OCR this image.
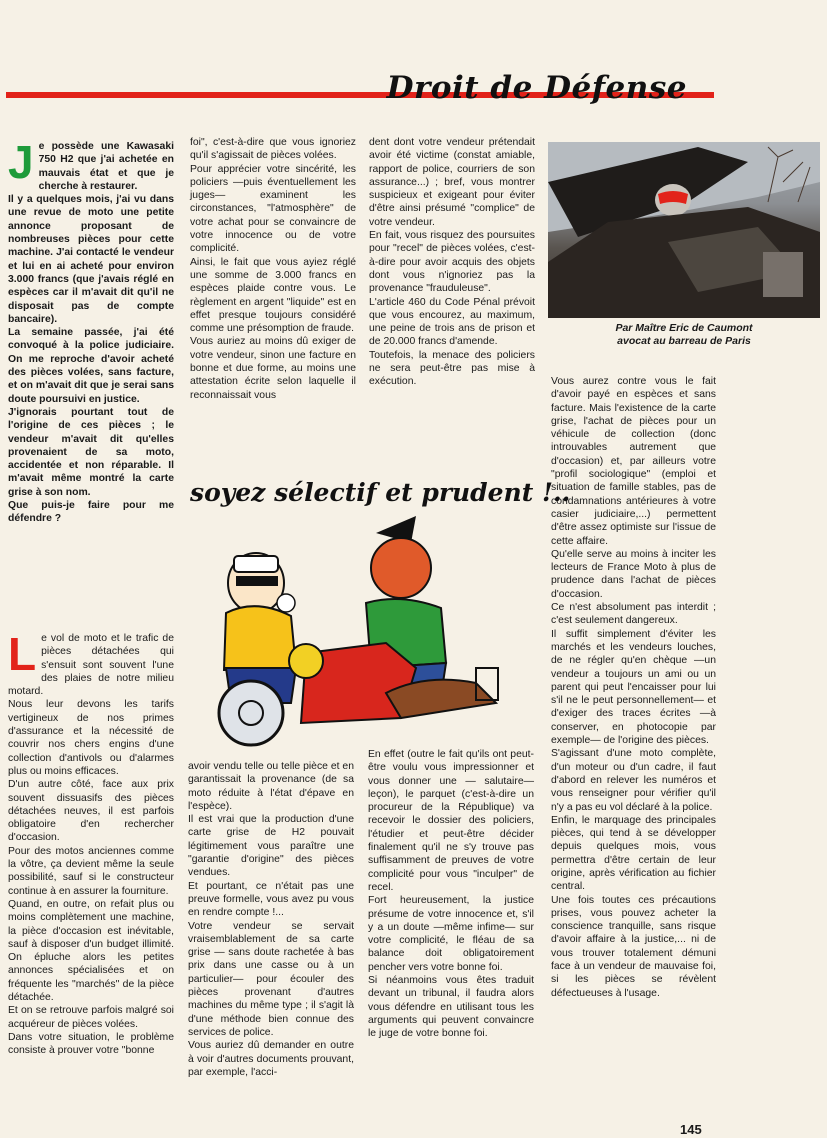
Droit de Défense
J e possède une Kawasaki 750 H2 que j'ai achetée en mauvais état et que je cherche à restaurer.

Il y a quelques mois, j'ai vu dans une revue de moto une petite annonce proposant de nombreuses pièces pour cette machine. J'ai contacté le vendeur et lui en ai acheté pour environ 3.000 francs (que j'avais réglé en espèces car il m'avait dit qu'il ne disposait pas de compte bancaire).

La semaine passée, j'ai été convoqué à la police judiciaire. On me reproche d'avoir acheté des pièces volées, sans facture, et on m'avait dit que je serai sans doute poursuivi en justice.

J'ignorais pourtant tout de l'origine de ces pièces ; le vendeur m'avait dit qu'elles provenaient de sa moto, accidentée et non réparable. Il m'avait même montré la carte grise à son nom.

Que puis-je faire pour me défendre ?

L e vol de moto et le trafic de pièces détachées qui s'ensuit sont souvent l'une des plaies de notre milieu motard.

Nous leur devons les tarifs vertigineux de nos primes d'assurance et la nécessité de couvrir nos chers engins d'une collection d'antivols ou d'alarmes plus ou moins efficaces.

D'un autre côté, face aux prix souvent dissuasifs des pièces détachées neuves, il est parfois obligatoire d'en rechercher d'occasion.

Pour des motos anciennes comme la vôtre, ça devient même la seule possibilité, sauf si le constructeur continue à en assurer la fourniture.

Quand, en outre, on refait plus ou moins complètement une machine, la pièce d'occasion est inévitable, sauf à disposer d'un budget illimité. On épluche alors les petites annonces spécialisées et on fréquente les "marchés" de la pièce détachée.

Et on se retrouve parfois malgré soi acquéreur de pièces volées.

Dans votre situation, le problème consiste à prouver votre "bonne

foi", c'est-à-dire que vous ignoriez qu'il s'agissait de pièces volées.

Pour apprécier votre sincérité, les policiers —puis éventuellement les juges— examinent les circonstances, "l'atmosphère" de votre achat pour se convaincre de votre innocence ou de votre complicité.

Ainsi, le fait que vous ayiez réglé une somme de 3.000 francs en espèces plaide contre vous. Le règlement en argent "liquide" est en effet presque toujours considéré comme une présomption de fraude.

Vous auriez au moins dû exiger de votre vendeur, sinon une facture en bonne et due forme, au moins une attestation écrite selon laquelle il reconnaissait vous

dent dont votre vendeur prétendait avoir été victime (constat amiable, rapport de police, courriers de son assurance...) ; bref, vous montrer suspicieux et exigeant pour éviter d'être ainsi présumé "complice" de votre vendeur.

En fait, vous risquez des poursuites pour "recel" de pièces volées, c'est-à-dire pour avoir acquis des objets dont vous n'ignoriez pas la provenance "frauduleuse".

L'article 460 du Code Pénal prévoit que vous encourez, au maximum, une peine de trois ans de prison et de 20.000 francs d'amende.

Toutefois, la menace des policiers ne sera peut-être pas mise à exécution.

Par Maître Eric de Caumont
avocat au barreau de Paris

Vous aurez contre vous le fait d'avoir payé en espèces et sans facture. Mais l'existence de la carte grise, l'achat de pièces pour un véhicule de collection (donc introuvables autrement que d'occasion) et, par ailleurs votre "profil sociologique" (emploi et situation de famille stables, pas de condamnations antérieures à votre casier judiciaire,...) permettent d'être assez optimiste sur l'issue de cette affaire.

Qu'elle serve au moins à inciter les lecteurs de France Moto à plus de prudence dans l'achat de pièces d'occasion.

Ce n'est absolument pas interdit ; c'est seulement dangereux.

Il suffit simplement d'éviter les marchés et les vendeurs louches, de ne régler qu'en chèque —un vendeur a toujours un ami ou un parent qui peut l'encaisser pour lui s'il ne le peut personnellement— et d'exiger des traces écrites —à conserver, en photocopie par exemple— de l'origine des pièces.

S'agissant d'une moto complète, d'un moteur ou d'un cadre, il faut d'abord en relever les numéros et vous renseigner pour vérifier qu'il n'y a pas eu vol déclaré à la police.

Enfin, le marquage des principales pièces, qui tend à se développer depuis quelques mois, vous permettra d'être certain de leur origine, après vérification au fichier central.

Une fois toutes ces précautions prises, vous pouvez acheter la conscience tranquille, sans risque d'avoir affaire à la justice,... ni de vous trouver totalement démuni face à un vendeur de mauvaise foi, si les pièces se révèlent défectueuses à l'usage.

soyez sélectif et prudent !..

avoir vendu telle ou telle pièce et en garantissait la provenance (de sa moto réduite à l'état d'épave en l'espèce).

Il est vrai que la production d'une carte grise de H2 pouvait légitimement vous paraître une "garantie d'origine" des pièces vendues.

Et pourtant, ce n'était pas une preuve formelle, vous avez pu vous en rendre compte !...

Votre vendeur se servait vraisemblablement de sa carte grise — sans doute rachetée à bas prix dans une casse ou à un particulier— pour écouler des pièces provenant d'autres machines du même type ; il s'agit là d'une méthode bien connue des services de police.

Vous auriez dû demander en outre à voir d'autres documents prouvant, par exemple, l'acci-

En effet (outre le fait qu'ils ont peut-être voulu vous impressionner et vous donner une — salutaire— leçon), le parquet (c'est-à-dire un procureur de la République) va recevoir le dossier des policiers, l'étudier et peut-être décider finalement qu'il ne s'y trouve pas suffisamment de preuves de votre complicité pour vous "inculper" de recel.

Fort heureusement, la justice présume de votre innocence et, s'il y a un doute —même infime— sur votre complicité, le fléau de sa balance doit obligatoirement pencher vers votre bonne foi.

Si néanmoins vous êtes traduit devant un tribunal, il faudra alors vous défendre en utilisant tous les arguments qui peuvent convaincre le juge de votre bonne foi.

145
